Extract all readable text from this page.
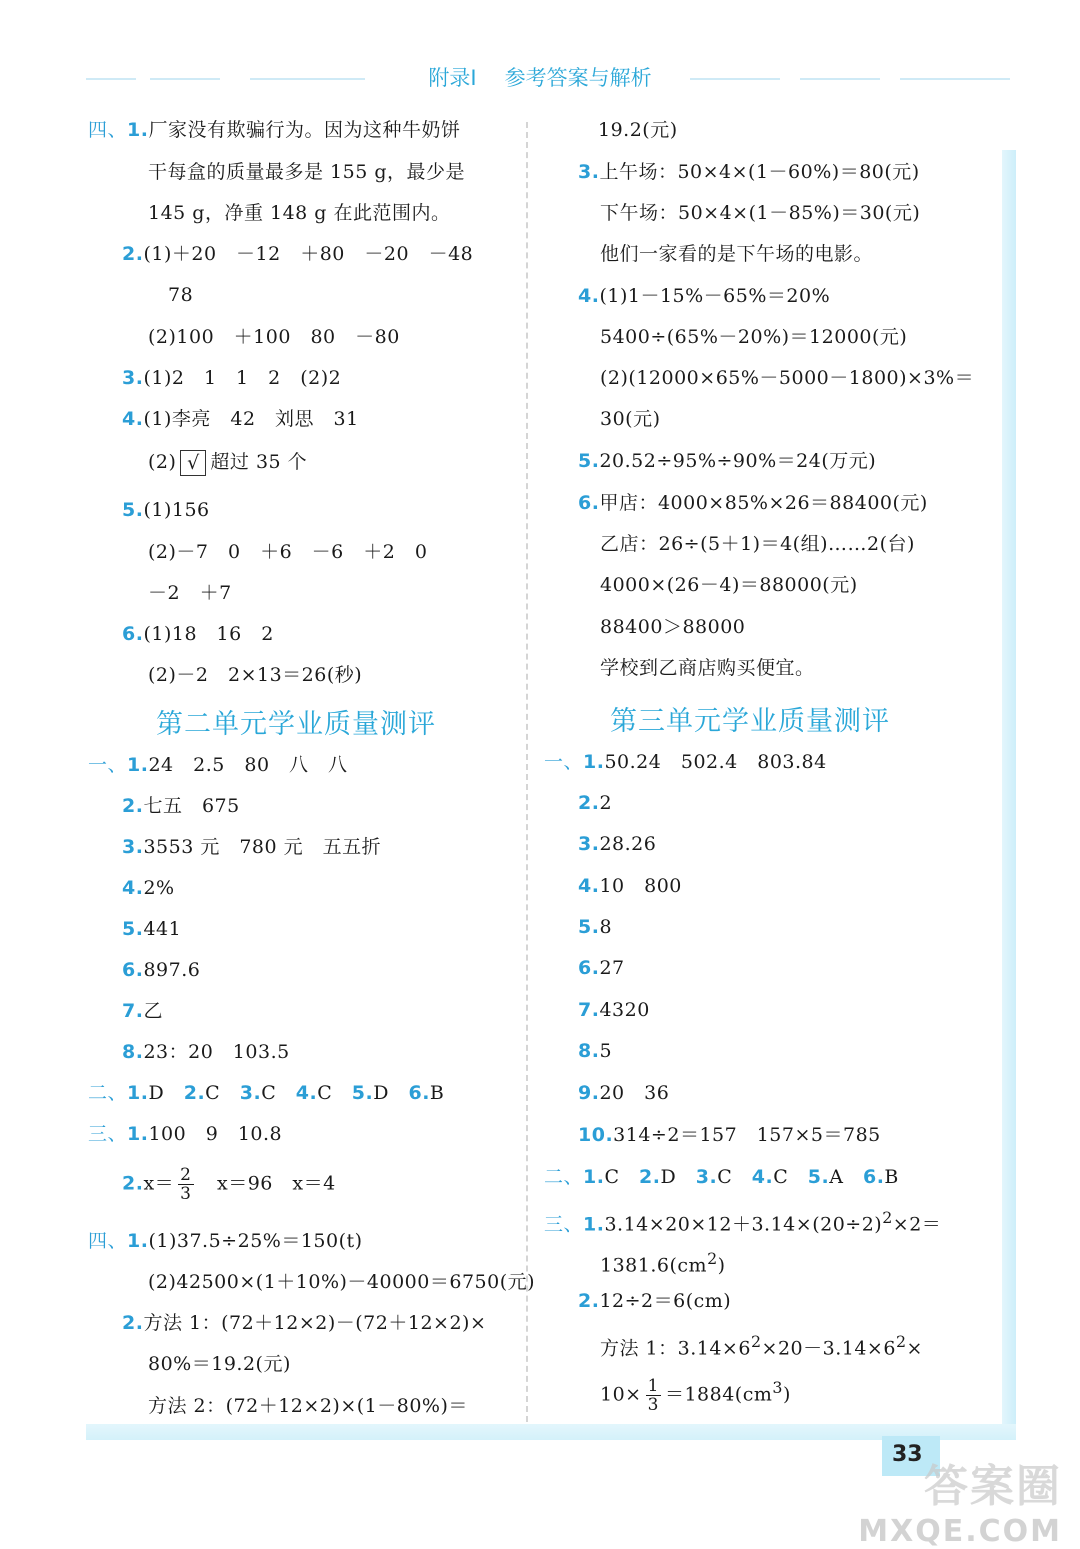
附录Ⅰ 参考答案与解析
四、1.厂家没有欺骗行为。因为这种牛奶饼
干每盒的质量最多是 155 g，最少是
145 g，净重 148 g 在此范围内。
2.(1)＋20　－12　＋80　－20　－48
78
(2)100　＋100　80　－80
3.(1)2　1　1　2　(2)2
4.(1)李亮　42　刘思　31
(2) √ 超过 35 个
5.(1)156
(2)－7　0　＋6　－6　＋2　0
－2　＋7
6.(1)18　16　2
(2)－2　2×13＝26(秒)
第二单元学业质量测评
一、1.24　2.5　80　八　八
2.七五　675
3.3553 元　780 元　五五折
4.2%
5.441
6.897.6
7.乙
8.23：20　103.5
二、1.D　 2.C　 3.C　 4.C　 5.D　 6.B
三、1.100　9　10.8
$2.x= \frac{2}{3}$ 　x＝96　x＝4
四、1.(1)37.5÷25%＝150(t)
(2)42500×(1＋10%)－40000＝6750(元)
2.方法 1：(72＋12×2)－(72＋12×2)×
80%＝19.2(元)
方法 2：(72＋12×2)×(1－80%)＝
19.2(元)
3.上午场：50×4×(1－60%)＝80(元)
下午场：50×4×(1－85%)＝30(元)
他们一家看的是下午场的电影。
4.(1)1－15%－65%＝20%
5400÷(65%－20%)＝12000(元)
(2)(12000×65%－5000－1800)×3%＝
30(元)
5.20.52÷95%÷90%＝24(万元)
6.甲店：4000×85%×26＝88400(元)
乙店：26÷(5＋1)＝4(组)……2(台)
4000×(26－4)＝88000(元)
88400＞88000
学校到乙商店购买便宜。
第三单元学业质量测评
一、1.50.24　502.4　803.84
2.2
3.28.26
4.10　800
5.8
6.27
7.4320
8.5
9.20　36
10.314÷2＝157　157×5＝785
二、1.C　 2.D　 3.C　 4.C　 5.A　 6.B
三、$1.3.14\times 20\times 12+3.14\times(20\div 2)^2\times 2=$
$1381.6(cm^2)$
2.12÷2＝6(cm)
方法 1：$3.14\times 6^2\times 20-3.14\times 6^2\times$
$10\times \frac{1}{3} =1884(cm^3)$
33
答案圈
MXQE.COM
